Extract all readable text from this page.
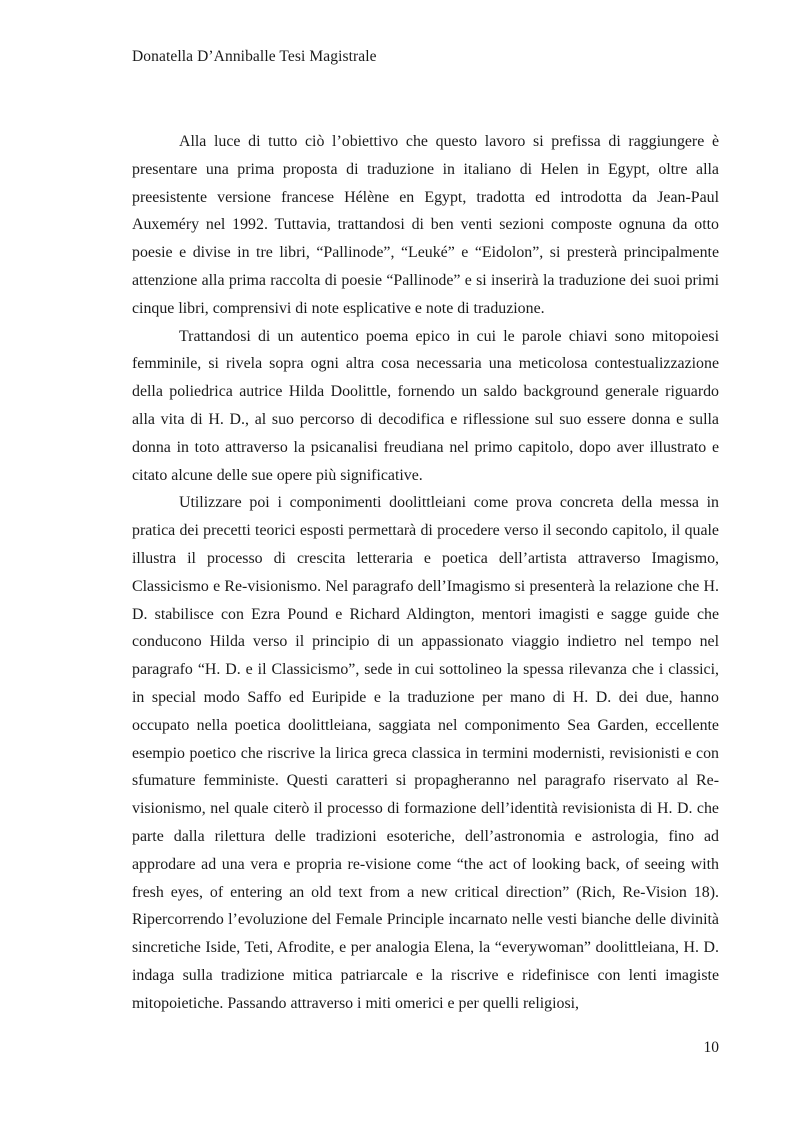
Donatella D’Anniballe Tesi Magistrale

Alla luce di tutto ciò l’obiettivo che questo lavoro si prefissa di raggiungere è presentare una prima proposta di traduzione in italiano di Helen in Egypt, oltre alla preesistente versione francese Hélène en Egypt, tradotta ed introdotta da Jean-Paul Auxeméry nel 1992. Tuttavia, trattandosi di ben venti sezioni composte ognuna da otto poesie e divise in tre libri, “Pallinode”, “Leuké” e “Eidolon”, si presterà principalmente attenzione alla prima raccolta di poesie “Pallinode” e si inserirà la traduzione dei suoi primi cinque libri, comprensivi di note esplicative e note di traduzione.

Trattandosi di un autentico poema epico in cui le parole chiavi sono mitopoiesi femminile, si rivela sopra ogni altra cosa necessaria una meticolosa contestualizzazione della poliedrica autrice Hilda Doolittle, fornendo un saldo background generale riguardo alla vita di H. D., al suo percorso di decodifica e riflessione sul suo essere donna e sulla donna in toto attraverso la psicanalisi freudiana nel primo capitolo, dopo aver illustrato e citato alcune delle sue opere più significative.

Utilizzare poi i componimenti doolittleiani come prova concreta della messa in pratica dei precetti teorici esposti permettarà di procedere verso il secondo capitolo, il quale illustra il processo di crescita letteraria e poetica dell’artista attraverso Imagismo, Classicismo e Re-visionismo. Nel paragrafo dell’Imagismo si presenterà la relazione che H. D. stabilisce con Ezra Pound e Richard Aldington, mentori imagisti e sagge guide che conducono Hilda verso il principio di un appassionato viaggio indietro nel tempo nel paragrafo “H. D. e il Classicismo”, sede in cui sottolineo la spessa rilevanza che i classici, in special modo Saffo ed Euripide e la traduzione per mano di H. D. dei due, hanno occupato nella poetica doolittleiana, saggiata nel componimento Sea Garden, eccellente esempio poetico che riscrive la lirica greca classica in termini modernisti, revisionisti e con sfumature femministe. Questi caratteri si propagheranno nel paragrafo riservato al Re-visionismo, nel quale citerò il processo di formazione dell’identità revisionista di H. D. che parte dalla rilettura delle tradizioni esoteriche, dell’astronomia e astrologia, fino ad approdare ad una vera e propria re-visione come “the act of looking back, of seeing with fresh eyes, of entering an old text from a new critical direction” (Rich, Re-Vision 18). Ripercorrendo l’evoluzione del Female Principle incarnato nelle vesti bianche delle divinità sincretiche Iside, Teti, Afrodite, e per analogia Elena, la “everywoman” doolittleiana, H. D. indaga sulla tradizione mitica patriarcale e la riscrive e ridefinisce con lenti imagiste mitopoietiche. Passando attraverso i miti omerici e per quelli religiosi,

10
